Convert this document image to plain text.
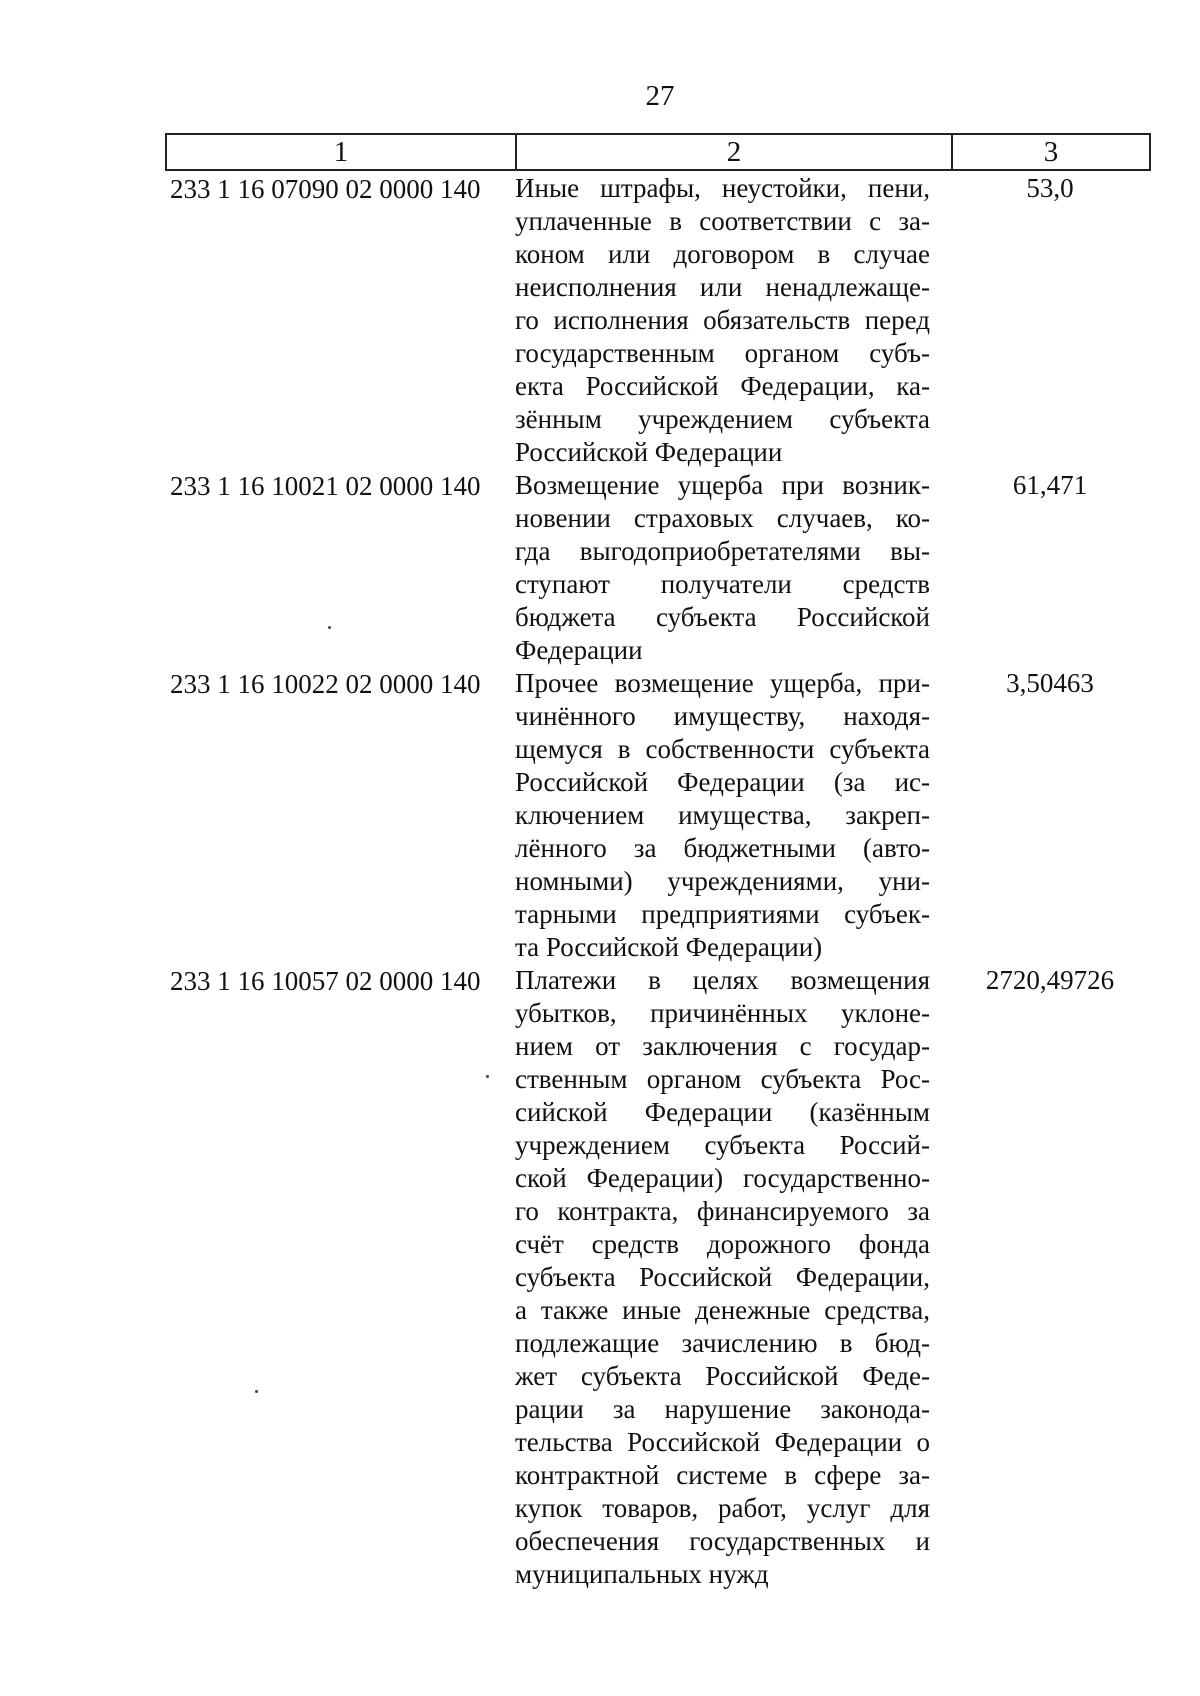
27
1	2	3
233 1 16 07090 02 0000 140	Иные штрафы, неустойки, пени,
уплаченные в соответствии с за-
коном или договором в случае
неисполнения или ненадлежаще-
го исполнения обязательств перед
государственным органом субъ-
екта Российской Федерации, ка-
зённым учреждением субъекта
Российской Федерации
53,0
233 1 16 10021 02 0000 140	Возмещение ущерба при возник-
новении страховых случаев, ко-
гда выгодоприобретателями вы-
ступают получатели средств
бюджета субъекта Российской
Федерации
61,471
233 1 16 10022 02 0000 140	Прочее возмещение ущерба, при-
чинённого имуществу, находя-
щемуся в собственности субъекта
Российской Федерации (за ис-
ключением имущества, закреп-
лённого за бюджетными (авто-
номными) учреждениями, уни-
тарными предприятиями субъек-
та Российской Федерации)
3,50463
233 1 16 10057 02 0000 140	Платежи в целях возмещения
убытков, причинённых уклоне-
нием от заключения с государ-
ственным органом субъекта Рос-
сийской Федерации (казённым
учреждением субъекта Россий-
ской Федерации) государственно-
го контракта, финансируемого за
счёт средств дорожного фонда
субъекта Российской Федерации,
а также иные денежные средства,
подлежащие зачислению в бюд-
жет субъекта Российской Феде-
рации за нарушение законода-
тельства Российской Федерации о
контрактной системе в сфере за-
купок товаров, работ, услуг для
обеспечения государственных и
муниципальных нужд
2720,49726
